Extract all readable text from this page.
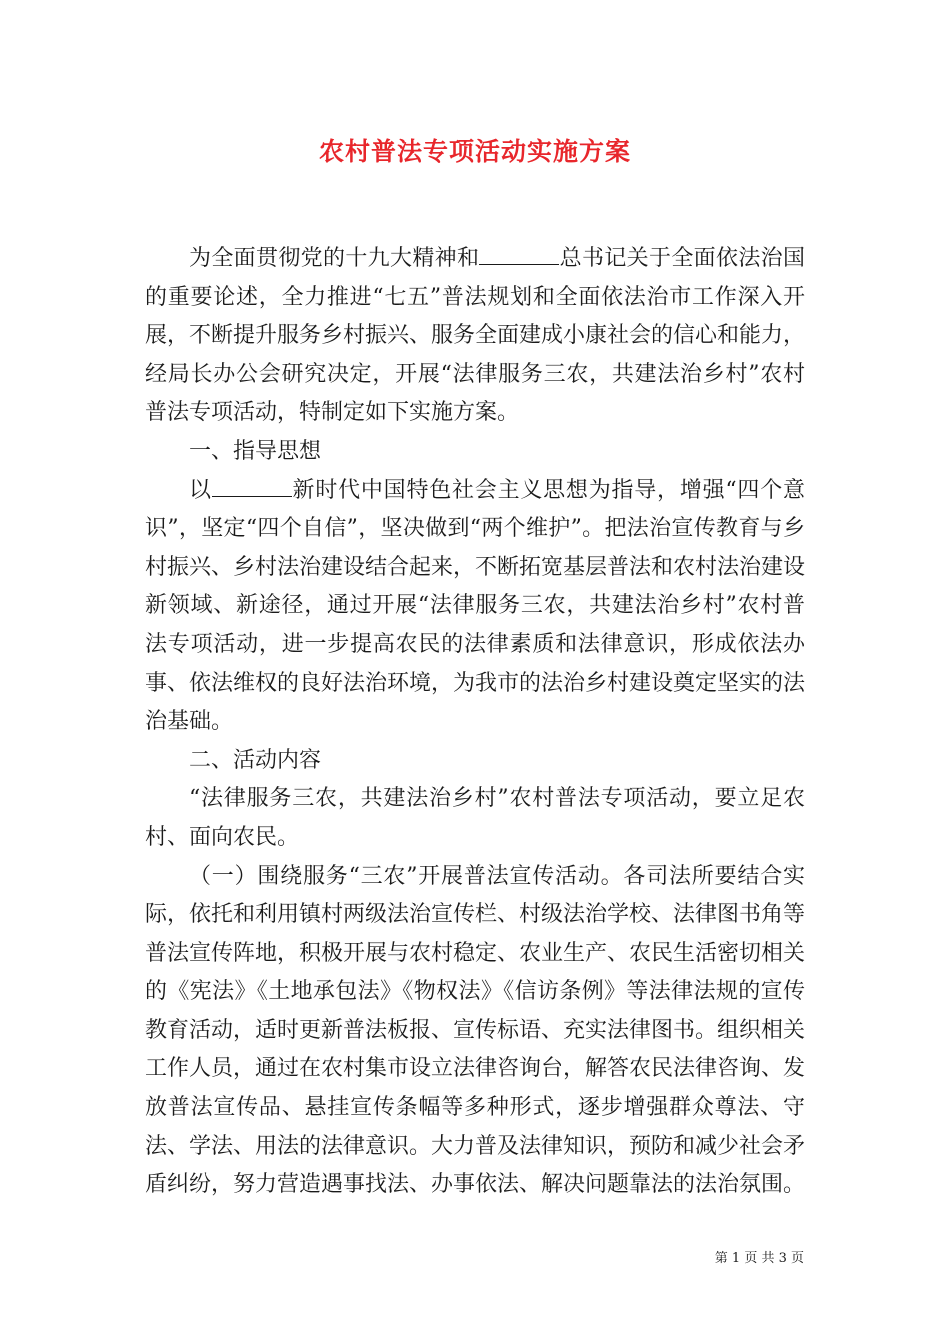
农村普法专项活动实施方案

为全面贯彻党的十九大精神和	总书记关于全面依法治国的重要论述，全力推进“七五”普法规划和全面依法治市工作深入开展，不断提升服务乡村振兴、服务全面建成小康社会的信心和能力，经局长办公会研究决定，开展“法律服务三农，共建法治乡村”农村普法专项活动，特制定如下实施方案。

一、指导思想

以	新时代中国特色社会主义思想为指导，增强“四个意识”，坚定“四个自信”，坚决做到“两个维护”。把法治宣传教育与乡村振兴、乡村法治建设结合起来，不断拓宽基层普法和农村法治建设新领域、新途径，通过开展“法律服务三农，共建法治乡村”农村普法专项活动，进一步提高农民的法律素质和法律意识，形成依法办事、依法维权的良好法治环境，为我市的法治乡村建设奠定坚实的法治基础。

二、活动内容

“法律服务三农，共建法治乡村”农村普法专项活动，要立足农村、面向农民。

（一）围绕服务“三农”开展普法宣传活动。各司法所要结合实际，依托和利用镇村两级法治宣传栏、村级法治学校、法律图书角等普法宣传阵地，积极开展与农村稳定、农业生产、农民生活密切相关的《宪法》《土地承包法》《物权法》《信访条例》等法律法规的宣传教育活动，适时更新普法板报、宣传标语、充实法律图书。组织相关工作人员，通过在农村集市设立法律咨询台，解答农民法律咨询、发放普法宣传品、悬挂宣传条幅等多种形式，逐步增强群众尊法、守法、学法、用法的法律意识。大力普及法律知识，预防和减少社会矛盾纠纷，努力营造遇事找法、办事依法、解决问题靠法的法治氛围。

第 1 页 共 3 页
